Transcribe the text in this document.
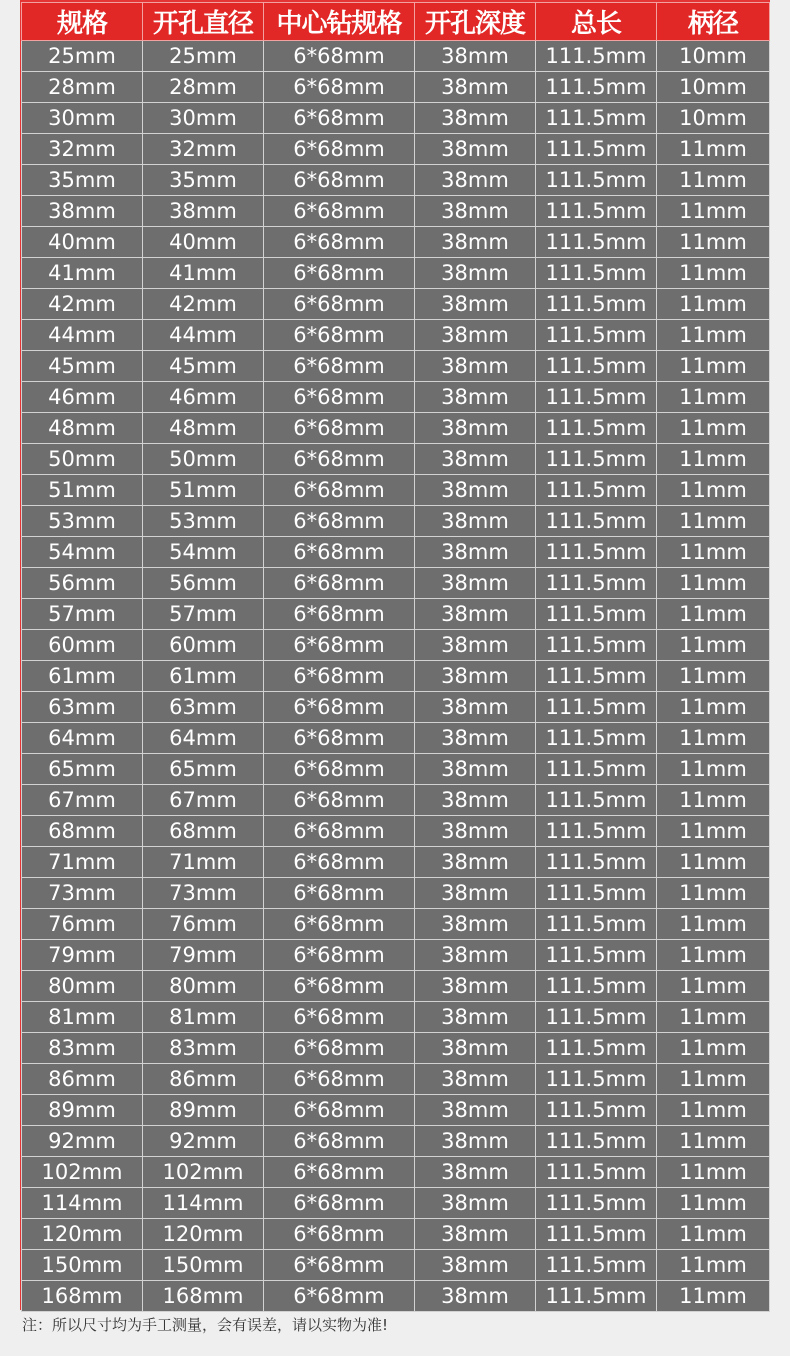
规格	开孔直径	中心钻规格	开孔深度	总长	柄径
25mm	25mm	6*68mm	38mm	111.5mm	10mm
28mm	28mm	6*68mm	38mm	111.5mm	10mm
30mm	30mm	6*68mm	38mm	111.5mm	10mm
32mm	32mm	6*68mm	38mm	111.5mm	11mm
35mm	35mm	6*68mm	38mm	111.5mm	11mm
38mm	38mm	6*68mm	38mm	111.5mm	11mm
40mm	40mm	6*68mm	38mm	111.5mm	11mm
41mm	41mm	6*68mm	38mm	111.5mm	11mm
42mm	42mm	6*68mm	38mm	111.5mm	11mm
44mm	44mm	6*68mm	38mm	111.5mm	11mm
45mm	45mm	6*68mm	38mm	111.5mm	11mm
46mm	46mm	6*68mm	38mm	111.5mm	11mm
48mm	48mm	6*68mm	38mm	111.5mm	11mm
50mm	50mm	6*68mm	38mm	111.5mm	11mm
51mm	51mm	6*68mm	38mm	111.5mm	11mm
53mm	53mm	6*68mm	38mm	111.5mm	11mm
54mm	54mm	6*68mm	38mm	111.5mm	11mm
56mm	56mm	6*68mm	38mm	111.5mm	11mm
57mm	57mm	6*68mm	38mm	111.5mm	11mm
60mm	60mm	6*68mm	38mm	111.5mm	11mm
61mm	61mm	6*68mm	38mm	111.5mm	11mm
63mm	63mm	6*68mm	38mm	111.5mm	11mm
64mm	64mm	6*68mm	38mm	111.5mm	11mm
65mm	65mm	6*68mm	38mm	111.5mm	11mm
67mm	67mm	6*68mm	38mm	111.5mm	11mm
68mm	68mm	6*68mm	38mm	111.5mm	11mm
71mm	71mm	6*68mm	38mm	111.5mm	11mm
73mm	73mm	6*68mm	38mm	111.5mm	11mm
76mm	76mm	6*68mm	38mm	111.5mm	11mm
79mm	79mm	6*68mm	38mm	111.5mm	11mm
80mm	80mm	6*68mm	38mm	111.5mm	11mm
81mm	81mm	6*68mm	38mm	111.5mm	11mm
83mm	83mm	6*68mm	38mm	111.5mm	11mm
86mm	86mm	6*68mm	38mm	111.5mm	11mm
89mm	89mm	6*68mm	38mm	111.5mm	11mm
92mm	92mm	6*68mm	38mm	111.5mm	11mm
102mm	102mm	6*68mm	38mm	111.5mm	11mm
114mm	114mm	6*68mm	38mm	111.5mm	11mm
120mm	120mm	6*68mm	38mm	111.5mm	11mm
150mm	150mm	6*68mm	38mm	111.5mm	11mm
168mm	168mm	6*68mm	38mm	111.5mm	11mm
注：所以尺寸均为手工测量，会有误差，请以实物为准!
